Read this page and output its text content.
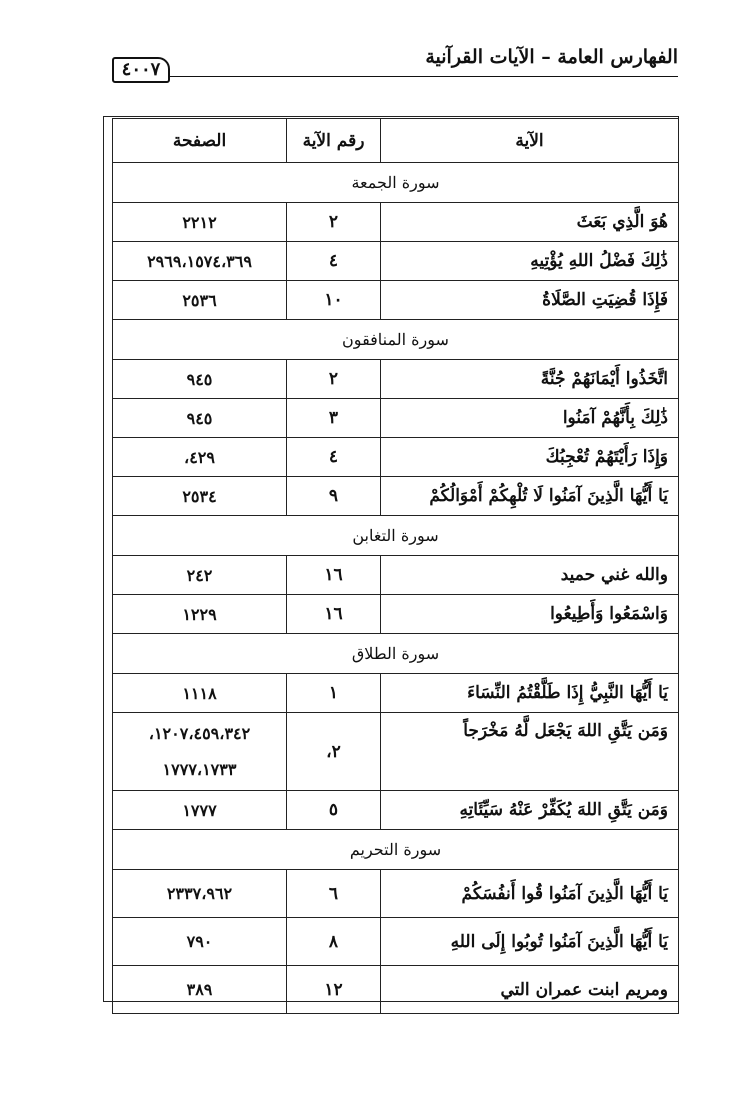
الفهارس العامة – الآيات القرآنية
٤٠٠٧
الآية	رقم الآية	الصفحة
سورة الجمعة		
هُوَ الَّذِي بَعَثَ	٢	٢٢١٢
ذَٰلِكَ فَضْلُ اللهِ يُؤْتِيهِ	٤	٢٩٦٩،١٥٧٤،٣٦٩
فَإِذَا قُضِيَتِ الصَّلَاةُ	١٠	٢٥٣٦
سورة المنافقون		
اتَّخَذُوا أَيْمَانَهُمْ جُنَّةً	٢	٩٤٥
ذَٰلِكَ بِأَنَّهُمْ آمَنُوا	٣	٩٤٥
وَإِذَا رَأَيْتَهُمْ تُعْجِبُكَ	٤	٤٢٩،
يَا أَيُّهَا الَّذِينَ آمَنُوا لَا تُلْهِكُمْ أَمْوَالُكُمْ	٩	٢٥٣٤
سورة التغابن		
والله غني حميد	١٦	٢٤٢
وَاسْمَعُوا وَأَطِيعُوا	١٦	١٢٢٩
سورة الطلاق		
يَا أَيُّهَا النَّبِيُّ إِذَا طَلَّقْتُمُ النِّسَاءَ	١	١١١٨
وَمَن يَتَّقِ اللهَ يَجْعَل لَّهُ مَخْرَجاً	٢،	١٢٠٧،٤٥٩،٣٤٢،
١٧٧٧،١٧٣٣

وَمَن يَتَّقِ اللهَ يُكَفِّرْ عَنْهُ سَيِّئَاتِهِ	٥	١٧٧٧
سورة التحريم		
يَا أَيُّهَا الَّذِينَ آمَنُوا قُوا أَنفُسَكُمْ	٦	٢٣٣٧،٩٦٢
يَا أَيُّهَا الَّذِينَ آمَنُوا تُوبُوا إِلَى اللهِ	٨	٧٩٠
ومريم ابنت عمران التي	١٢	٣٨٩
